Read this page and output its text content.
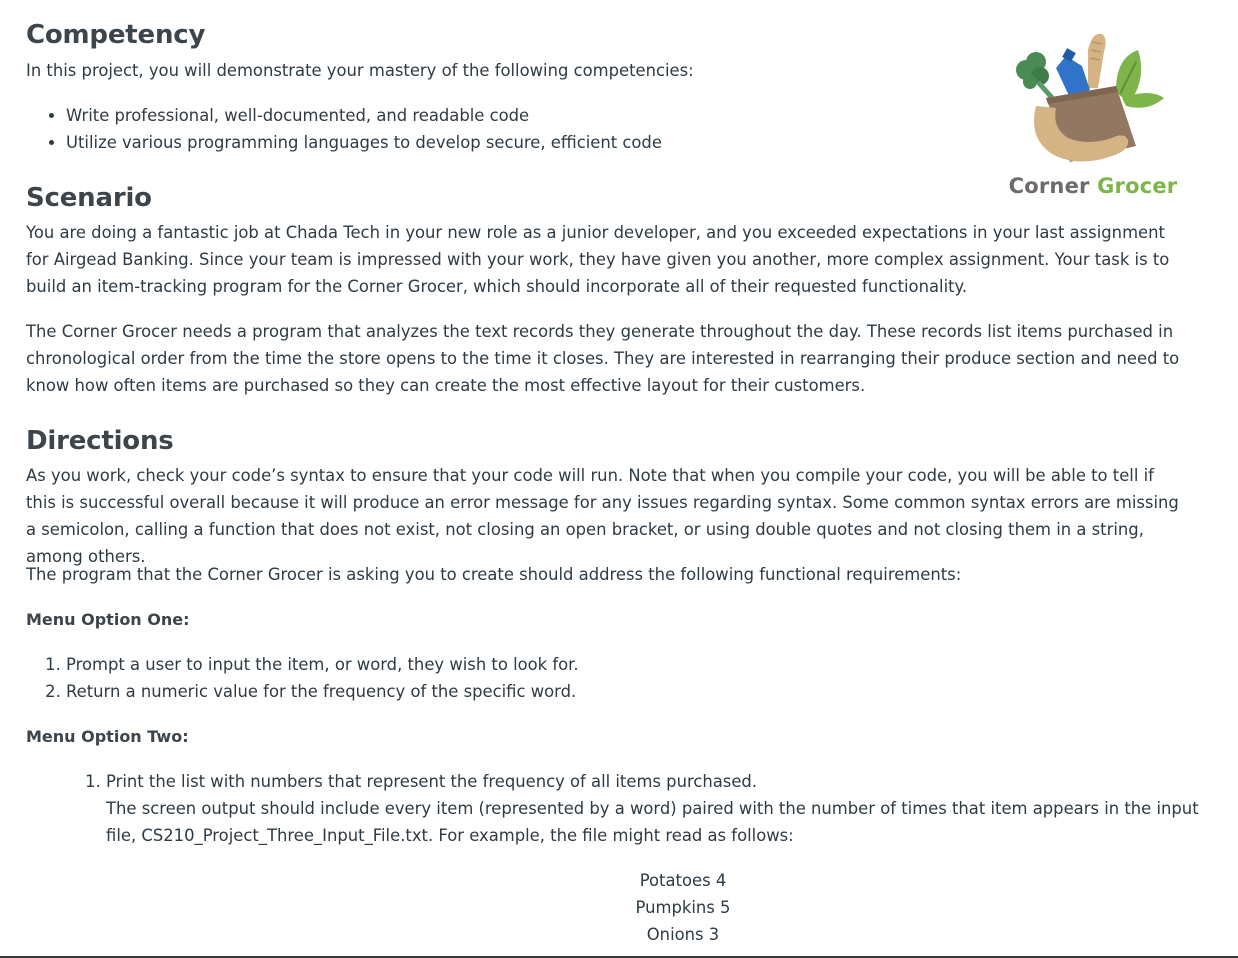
Competency

In this project, you will demonstrate your mastery of the following competencies:

• Write professional, well-documented, and readable code
• Utilize various programming languages to develop secure, efficient code
Scenario

You are doing a fantastic job at Chada Tech in your new role as a junior developer, and you exceeded expectations in your last assignment for Airgead Banking. Since your team is impressed with your work, they have given you another, more complex assignment. Your task is to build an item-tracking program for the Corner Grocer, which should incorporate all of their requested functionality.

The Corner Grocer needs a program that analyzes the text records they generate throughout the day. These records list items purchased in chronological order from the time the store opens to the time it closes. They are interested in rearranging their produce section and need to know how often items are purchased so they can create the most effective layout for their customers.

Directions

As you work, check your code’s syntax to ensure that your code will run. Note that when you compile your code, you will be able to tell if this is successful overall because it will produce an error message for any issues regarding syntax. Some common syntax errors are missing a semicolon, calling a function that does not exist, not closing an open bracket, or using double quotes and not closing them in a string, among others.

The program that the Corner Grocer is asking you to create should address the following functional requirements:

Menu Option One:

1. Prompt a user to input the item, or word, they wish to look for.
2. Return a numeric value for the frequency of the specific word.

Menu Option Two:

1. Print the list with numbers that represent the frequency of all items purchased.
The screen output should include every item (represented by a word) paired with the number of times that item appears in the input file, CS210_Project_Three_Input_File.txt. For example, the file might read as follows:
Potatoes 4
Pumpkins 5
Onions 3
Corner Grocer
